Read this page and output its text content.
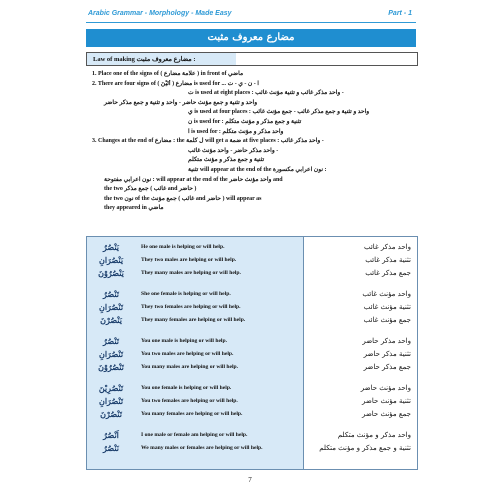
Arabic Grammar - Morphology - Made Easy	Part - 1
مضارع معروف مثبت
Law of making مضارع معروف مثبت :
1. Place one of the signs of ( علامة مضارع ) in front of ماضي
2. There are four signs of مضارع ( أَتَيْنَ ) is used for ... ا - ن - ي - ت
ت is used at eight places : واحد مذكر غائب و تثنية مؤنث غائب -
واحد و تثنية و جمع مؤنث حاضر - واحد و تثنية و جمع مذكر حاضر
ي is used at four places : واحد و تثنية و جمع مذكر غائب - جمع مؤنث غائب
ن is used for : تثنية و جمع مذكر و مؤنث متكلم
ا is used for : واحد مذكر و مؤنث متكلم
3. Changes at the end of مضارع : the ل كلمة will get a ضمة at five places : واحد مذكر غائب -
واحد مذكر حاضر - واحد مؤنث غائب -
تثنية و جمع مذكر و مؤنث متكلم
تثنية will appear at the end of the نون اعرابي مكسورة :
نون اعرابي مفتوحة : will appear at the end of the واحد مؤنث حاضر and
the two جمع مذكر ( غائب and حاضر )
the two نون of the جمع مؤنث ( غائب and حاضر ) will appear as
they appeared in ماضي
يَنْصُرُ	He one male is helping or will help.	واحد مذكر غائب
يَنْصُرَانِ	They two males are helping or will help.	تثنية مذكر غائب
يَنْصُرُوْنَ	They many males are helping or will help.	جمع مذكر غائب
تَنْصُرُ	She one female is helping or will help.	واحد مؤنث غائب
تَنْصُرَانِ	They two females are helping or will help.	تثنية مؤنث غائب
يَنْصُرْنَ	They many females are helping or will help.	جمع مؤنث غائب
تَنْصُرُ	You one male is helping or will help.	واحد مذكر حاضر
تَنْصُرَانِ	You two males are helping or will help.	تثنية مذكر حاضر
تَنْصُرُوْنَ	You many males are helping or will help.	جمع مذكر حاضر
تَنْصُرِيْنَ	You one female is helping or will help.	واحد مؤنث حاضر
تَنْصُرَانِ	You two females are helping or will help.	تثنية مؤنث حاضر
تَنْصُرْنَ	You many females are helping or will help.	جمع مؤنث حاضر
اَنْصُرُ	I one male or female am helping or will help.	واحد مذكر و مؤنث متكلم
نَنْصُرُ	We many males or females are helping or will help.	تثنية و جمع مذكر و مؤنث متكلم
7
